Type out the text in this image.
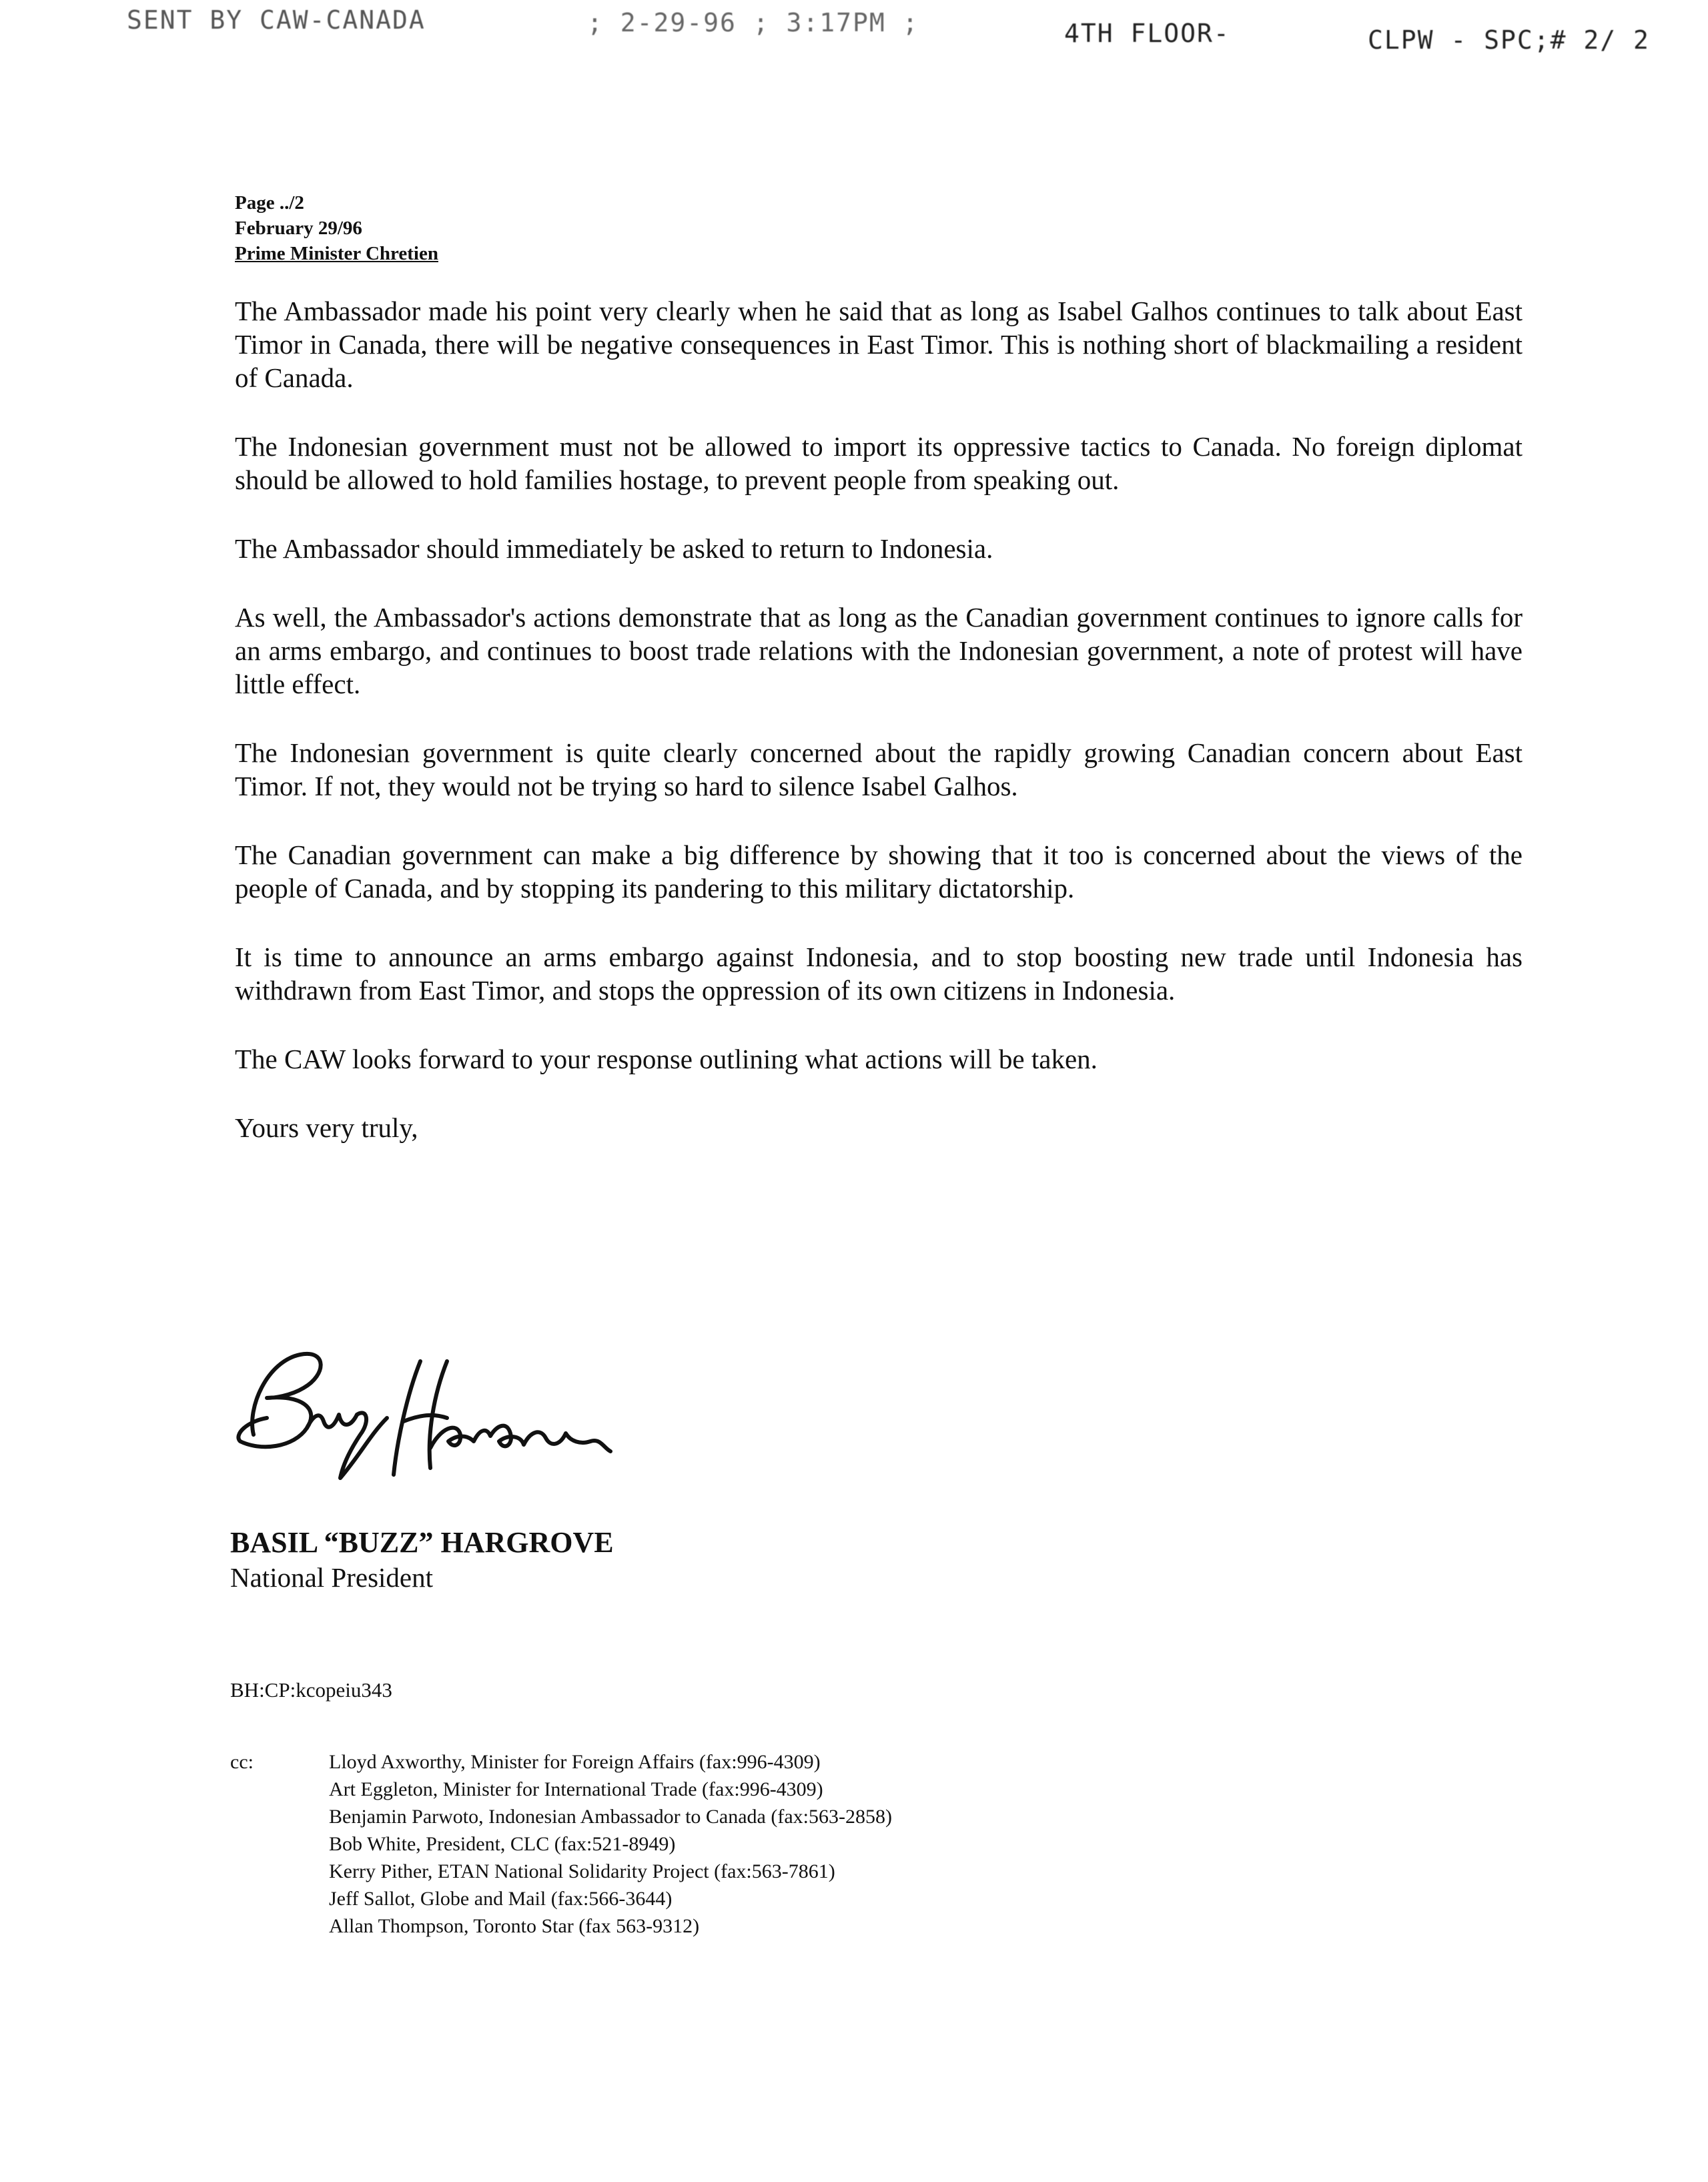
SENT BY CAW-CANADA	; 2-29-96 ; 3:17PM ;	4TH FLOOR-	CLPW - SPC;# 2/ 2
Page ../2
February 29/96
Prime Minister Chretien

The Ambassador made his point very clearly when he said that as long as Isabel Galhos continues to talk about East Timor in Canada, there will be negative consequences in East Timor. This is nothing short of blackmailing a resident of Canada.

The Indonesian government must not be allowed to import its oppressive tactics to Canada. No foreign diplomat should be allowed to hold families hostage, to prevent people from speaking out.

The Ambassador should immediately be asked to return to Indonesia.

As well, the Ambassador's actions demonstrate that as long as the Canadian government continues to ignore calls for an arms embargo, and continues to boost trade relations with the Indonesian government, a note of protest will have little effect.

The Indonesian government is quite clearly concerned about the rapidly growing Canadian concern about East Timor. If not, they would not be trying so hard to silence Isabel Galhos.

The Canadian government can make a big difference by showing that it too is concerned about the views of the people of Canada, and by stopping its pandering to this military dictatorship.

It is time to announce an arms embargo against Indonesia, and to stop boosting new trade until Indonesia has withdrawn from East Timor, and stops the oppression of its own citizens in Indonesia.

The CAW looks forward to your response outlining what actions will be taken.

Yours very truly,

BASIL “BUZZ” HARGROVE
National President
BH:CP:kcopeiu343
cc:	Lloyd Axworthy, Minister for Foreign Affairs (fax:996-4309)
Art Eggleton, Minister for International Trade (fax:996-4309)
Benjamin Parwoto, Indonesian Ambassador to Canada (fax:563-2858)
Bob White, President, CLC (fax:521-8949)
Kerry Pither, ETAN National Solidarity Project (fax:563-7861)
Jeff Sallot, Globe and Mail (fax:566-3644)
Allan Thompson, Toronto Star (fax 563-9312)
